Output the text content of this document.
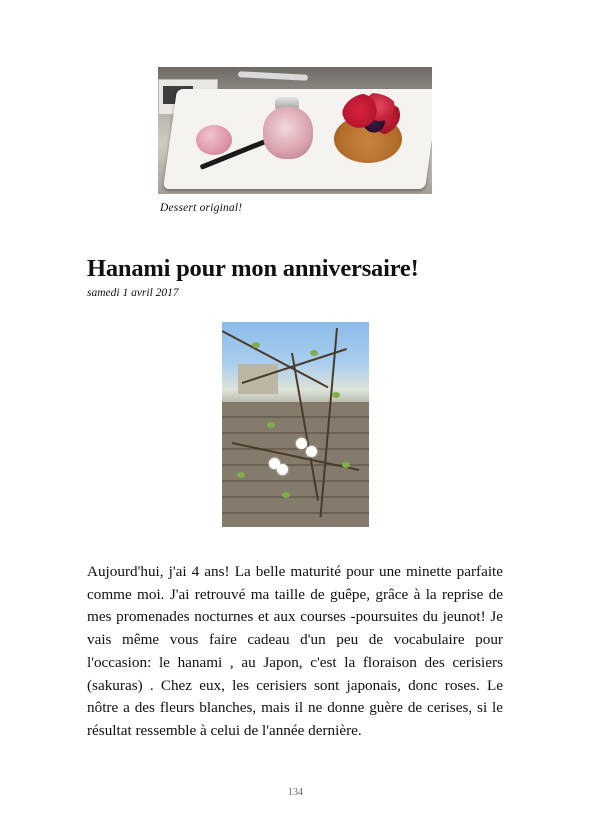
Dessert original!
Hanami pour mon anniversaire!
samedi 1 avril 2017

Aujourd'hui, j'ai 4 ans! La belle maturité pour une minette parfaite comme moi. J'ai retrouvé ma taille de guêpe, grâce à la reprise de mes promenades nocturnes et aux courses -poursuites du jeunot! Je vais même vous faire cadeau d'un peu de vocabulaire pour l'occasion: le hanami , au Japon, c'est la floraison des cerisiers (sakuras) . Chez eux, les cerisiers sont japonais, donc roses. Le nôtre a des fleurs blanches, mais il ne donne guère de cerises, si le résultat ressemble à celui de l'année dernière.

134
